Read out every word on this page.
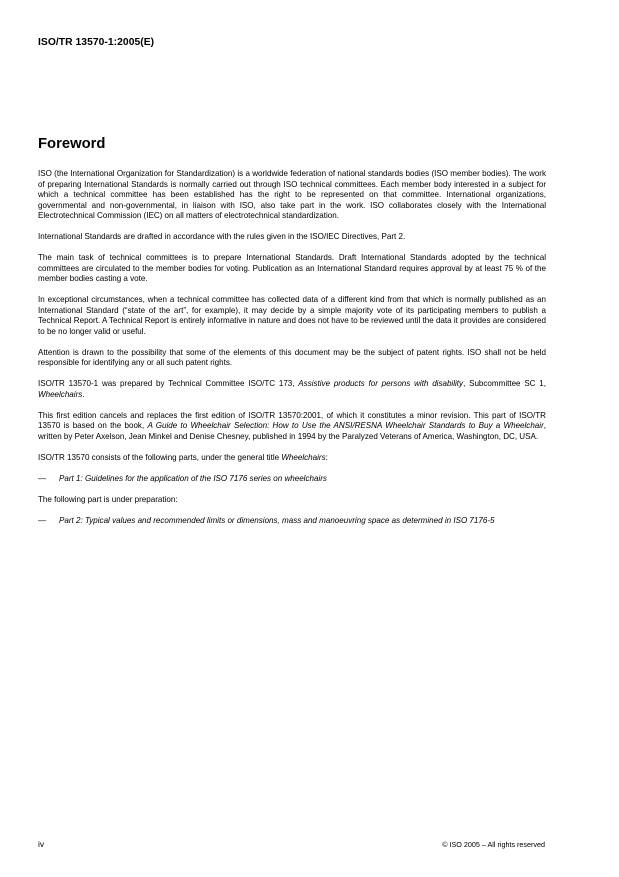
ISO/TR 13570-1:2005(E)
Foreword

ISO (the International Organization for Standardization) is a worldwide federation of national standards bodies (ISO member bodies). The work of preparing International Standards is normally carried out through ISO technical committees. Each member body interested in a subject for which a technical committee has been established has the right to be represented on that committee. International organizations, governmental and non-governmental, in liaison with ISO, also take part in the work. ISO collaborates closely with the International Electrotechnical Commission (IEC) on all matters of electrotechnical standardization.

International Standards are drafted in accordance with the rules given in the ISO/IEC Directives, Part 2.

The main task of technical committees is to prepare International Standards. Draft International Standards adopted by the technical committees are circulated to the member bodies for voting. Publication as an International Standard requires approval by at least 75 % of the member bodies casting a vote.

In exceptional circumstances, when a technical committee has collected data of a different kind from that which is normally published as an International Standard (“state of the art”, for example), it may decide by a simple majority vote of its participating members to publish a Technical Report. A Technical Report is entirely informative in nature and does not have to be reviewed until the data it provides are considered to be no longer valid or useful.

Attention is drawn to the possibility that some of the elements of this document may be the subject of patent rights. ISO shall not be held responsible for identifying any or all such patent rights.

ISO/TR 13570-1 was prepared by Technical Committee ISO/TC 173, Assistive products for persons with disability, Subcommittee SC 1, Wheelchairs.

This first edition cancels and replaces the first edition of ISO/TR 13570:2001, of which it constitutes a minor revision. This part of ISO/TR 13570 is based on the book, A Guide to Wheelchair Selection: How to Use the ANSI/RESNA Wheelchair Standards to Buy a Wheelchair, written by Peter Axelson, Jean Minkel and Denise Chesney, published in 1994 by the Paralyzed Veterans of America, Washington, DC, USA.

ISO/TR 13570 consists of the following parts, under the general title Wheelchairs:

—	Part 1: Guidelines for the application of the ISO 7176 series on wheelchairs

The following part is under preparation:

—	Part 2: Typical values and recommended limits or dimensions, mass and manoeuvring space as determined in ISO 7176-5
iv	© ISO 2005 – All rights reserved
